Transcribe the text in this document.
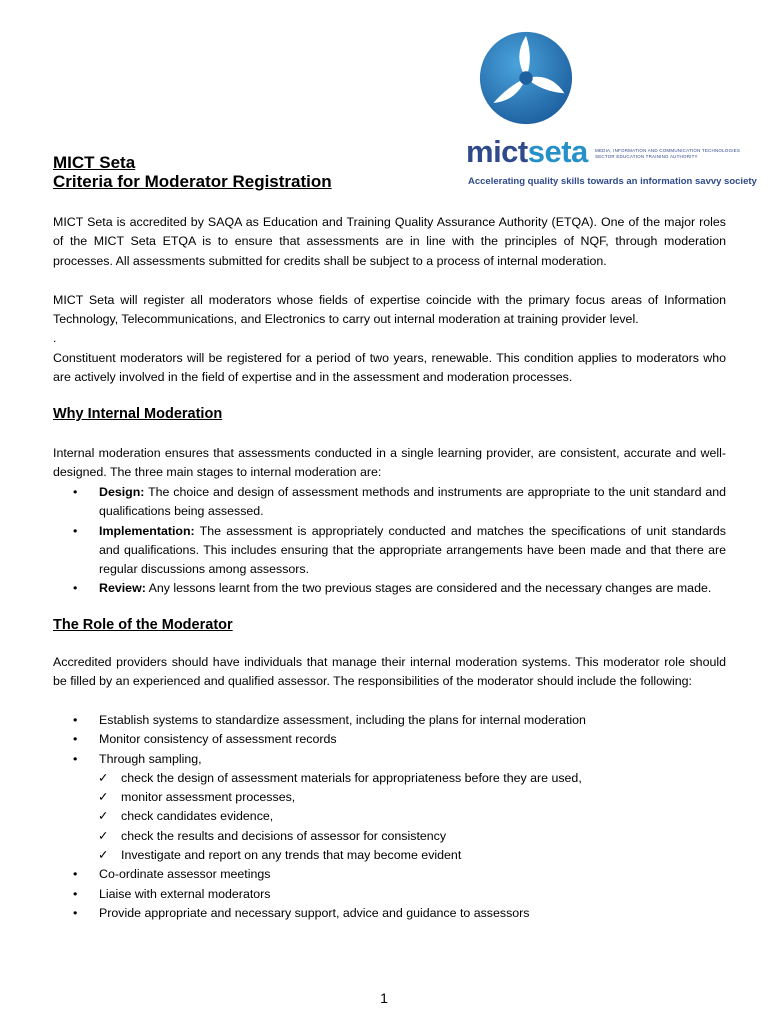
mictseta MEDIA, INFORMATION AND COMMUNICATION TECHNOLOGIES
SECTOR EDUCATION TRAINING AUTHORITY
Accelerating quality skills towards an information savvy society
MICT Seta
Criteria for Moderator Registration

MICT Seta is accredited by SAQA as Education and Training Quality Assurance Authority (ETQA). One of the major roles of the MICT Seta ETQA is to ensure that assessments are in line with the principles of NQF, through moderation processes. All assessments submitted for credits shall be subject to a process of internal moderation.

MICT Seta will register all moderators whose fields of expertise coincide with the primary focus areas of Information Technology, Telecommunications, and Electronics to carry out internal moderation at training provider level.

.

Constituent moderators will be registered for a period of two years, renewable. This condition applies to moderators who are actively involved in the field of expertise and in the assessment and moderation processes.

Why Internal Moderation

Internal moderation ensures that assessments conducted in a single learning provider, are consistent, accurate and well-designed. The three main stages to internal moderation are:

• Design: The choice and design of assessment methods and instruments are appropriate to the unit standard and qualifications being assessed.
• Implementation: The assessment is appropriately conducted and matches the specifications of unit standards and qualifications. This includes ensuring that the appropriate arrangements have been made and that there are regular discussions among assessors.
• Review: Any lessons learnt from the two previous stages are considered and the necessary changes are made.
The Role of the Moderator

Accredited providers should have individuals that manage their internal moderation systems. This moderator role should be filled by an experienced and qualified assessor. The responsibilities of the moderator should include the following:

• Establish systems to standardize assessment, including the plans for internal moderation
• Monitor consistency of assessment records
• Through sampling,
✓ check the design of assessment materials for appropriateness before they are used,
✓ monitor assessment processes,
✓ check candidates evidence,
✓ check the results and decisions of assessor for consistency
✓ Investigate and report on any trends that may become evident
• Co-ordinate assessor meetings
• Liaise with external moderators
• Provide appropriate and necessary support, advice and guidance to assessors
1
